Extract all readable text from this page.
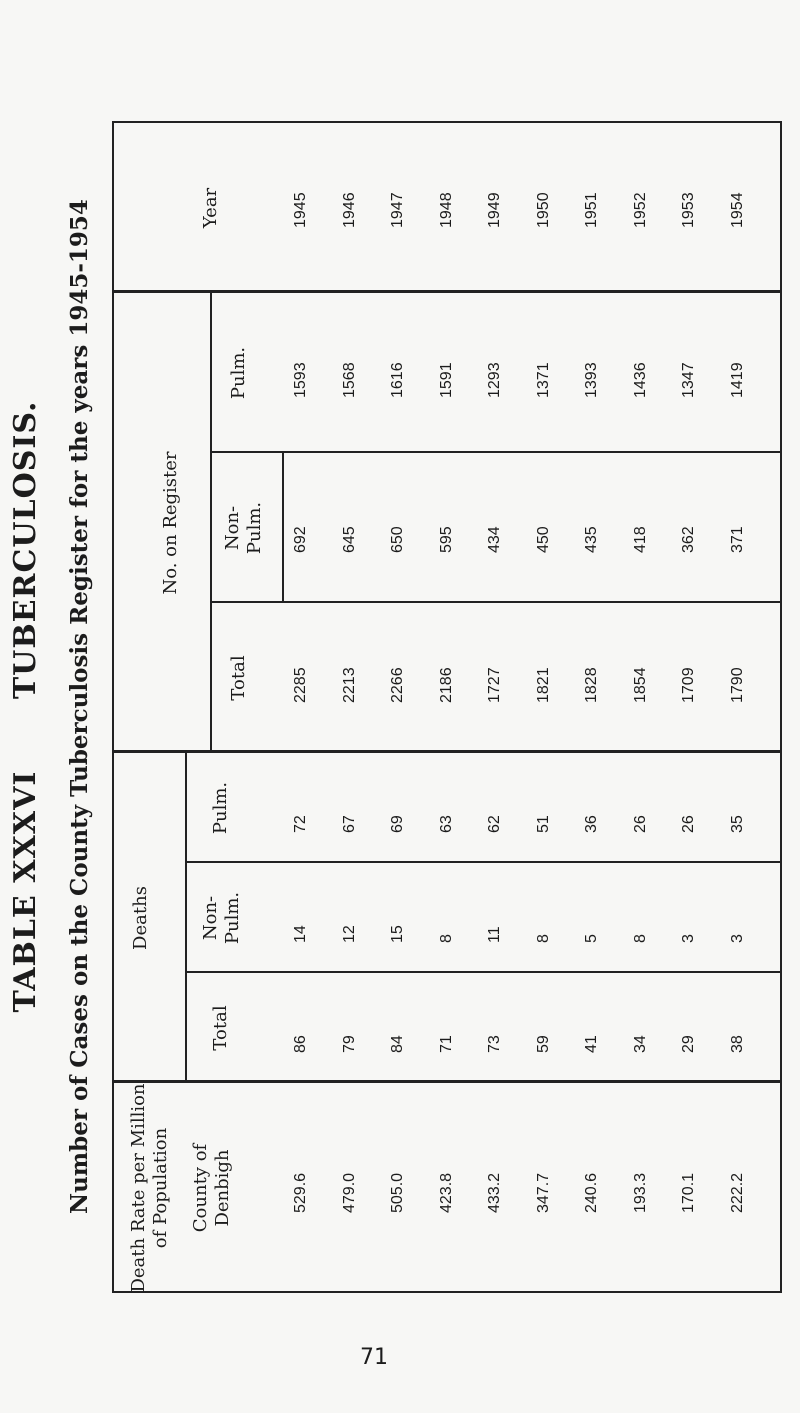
TABLE XXXVI TUBERCULOSIS. Number of Cases on the County Tuberculosis Register for the years 1945-1954	Year
No. on Register
Pulm.
Non-
Pulm.
Total
Deaths
Pulm.
Non-
Pulm.
Total
Death Rate per Million
of Population County of
Denbigh
1945
1593
692
2285
72
14
86
529.6
1946
1568
645
2213
67
12
79
479.0
1947
1616
650
2266
69
15
84
505.0
1948
1591
595
2186
63
8
71
423.8
1949
1293
434
1727
62
11
73
433.2
1950
1371
450
1821
51
8
59
347.7
1951
1393
435
1828
36
5
41
240.6
1952
1436
418
1854
26
8
34
193.3
1953
1347
362
1709
26
3
29
170.1
1954
1419
371
1790
35
3
38
222.2
71
